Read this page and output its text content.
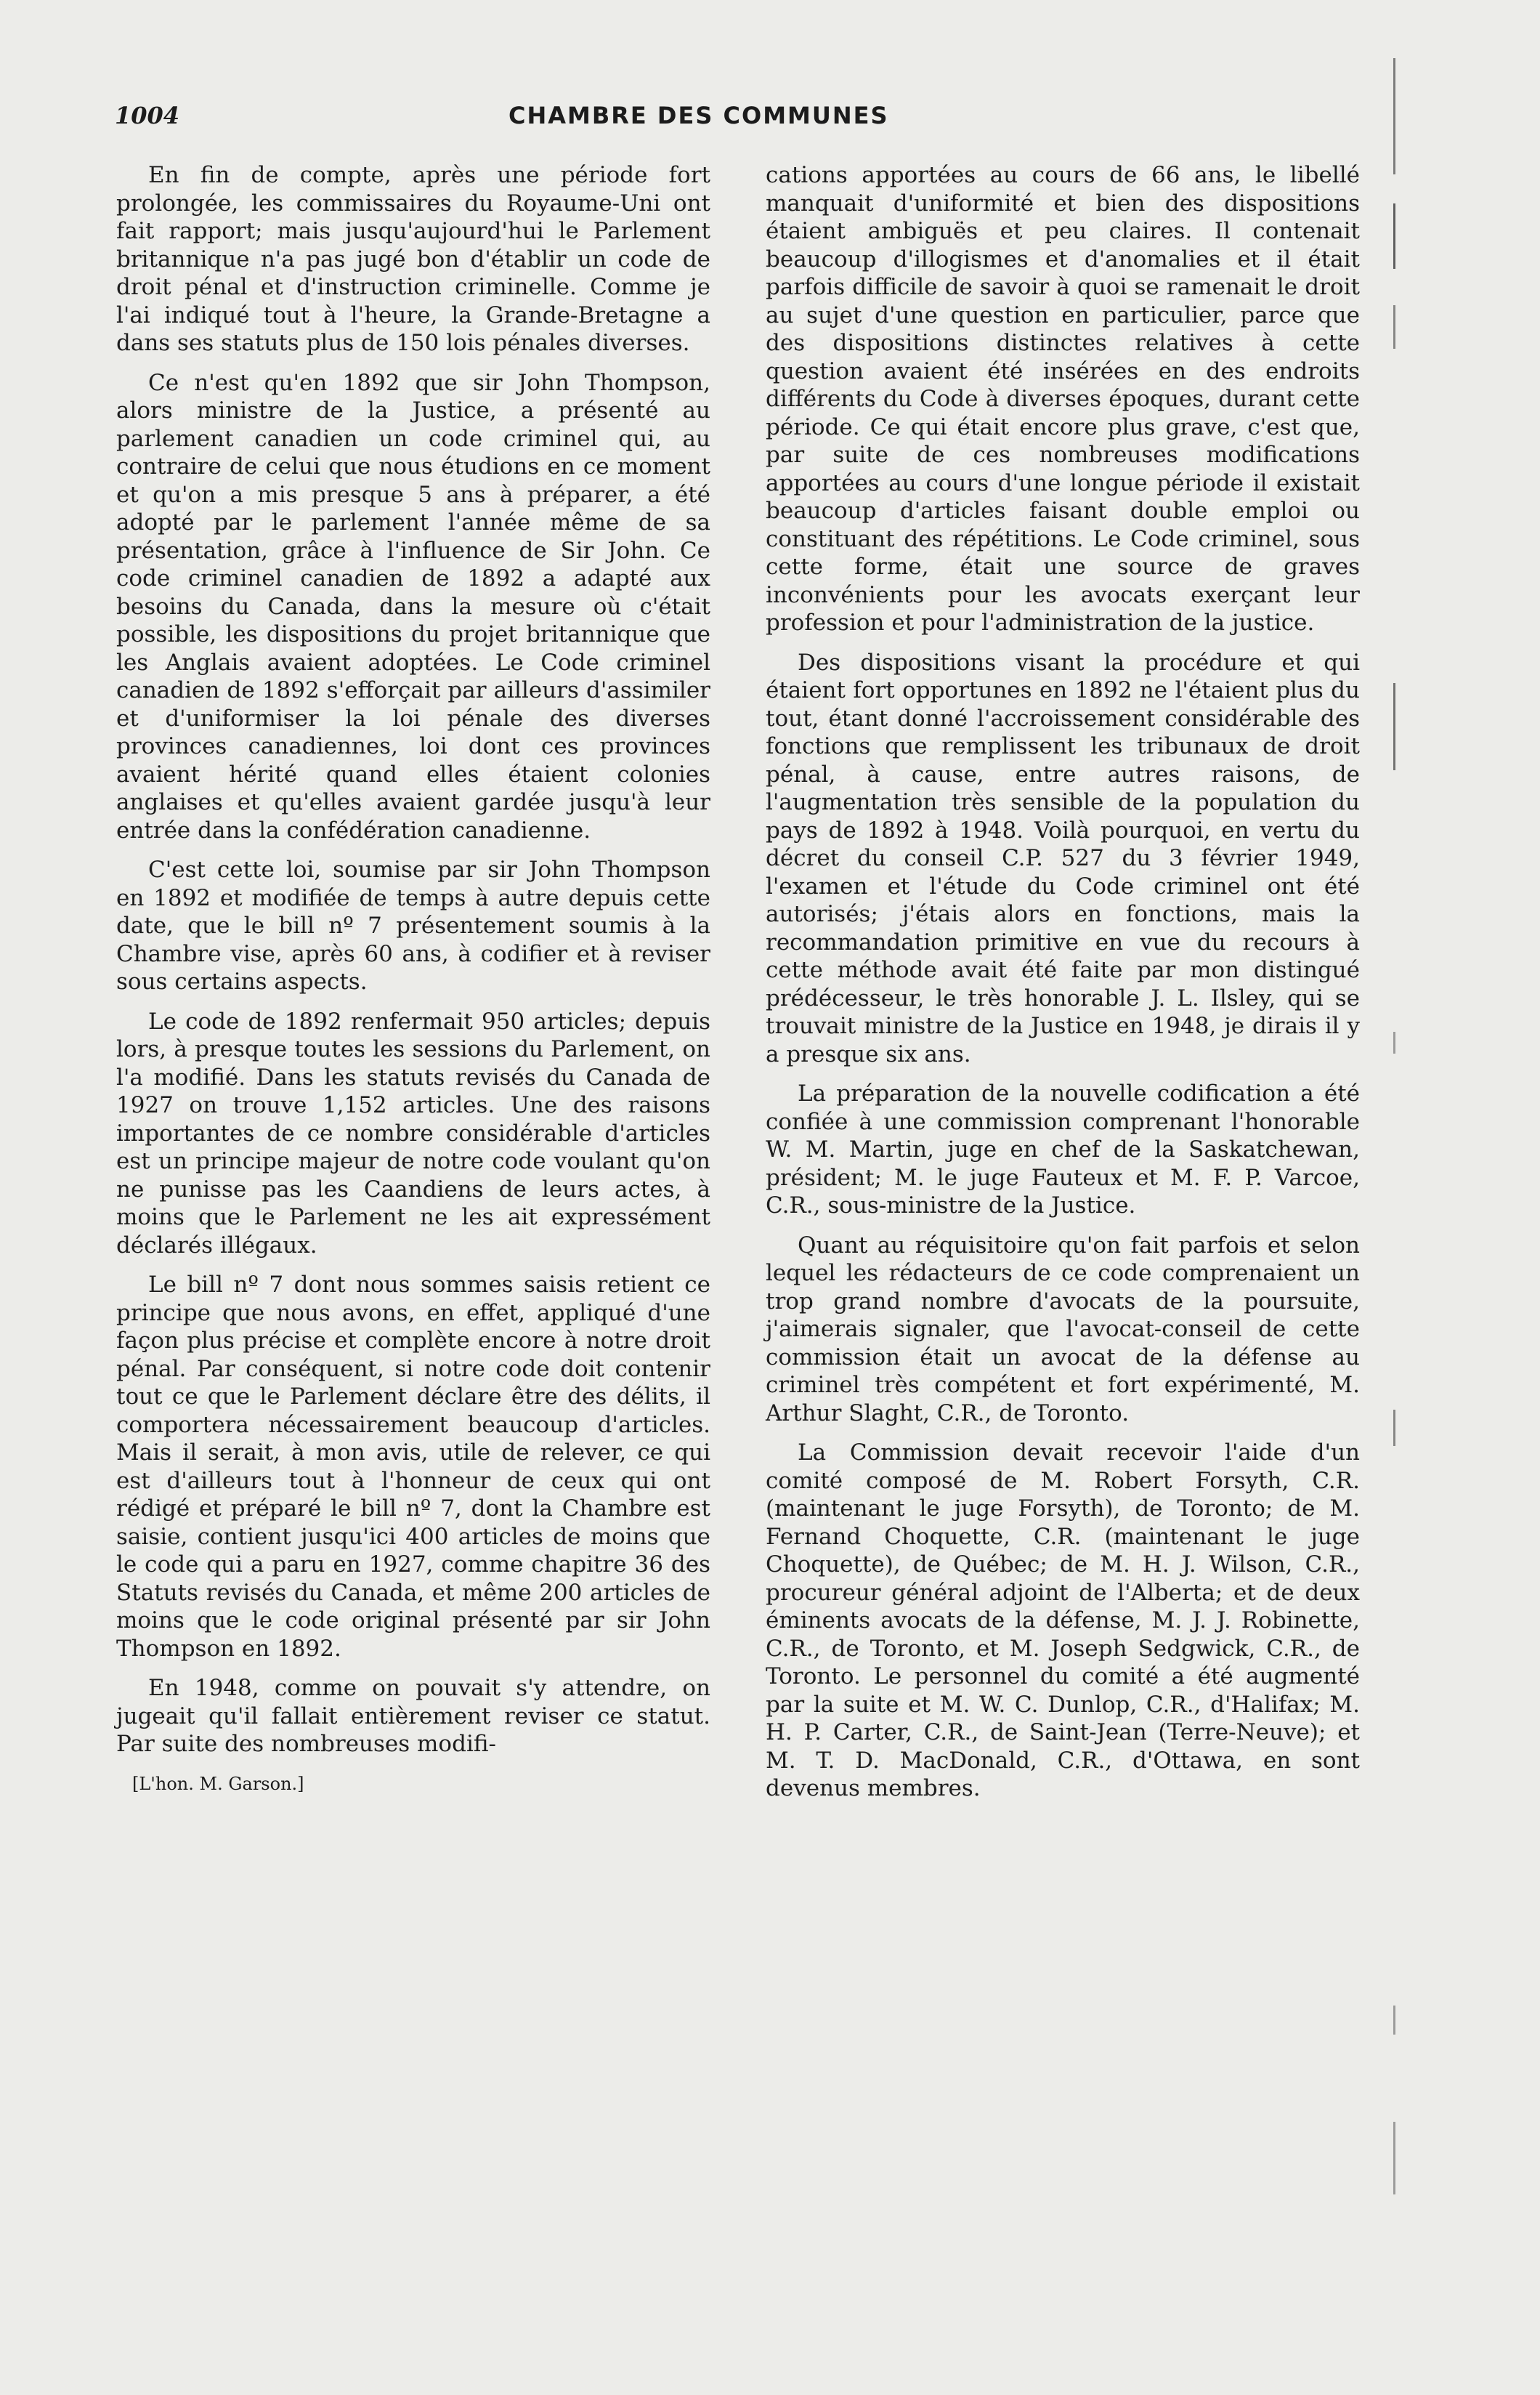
1004	CHAMBRE DES COMMUNES

En fin de compte, après une période fort prolongée, les commissaires du Royaume-Uni ont fait rapport; mais jusqu'aujourd'hui le Parlement britannique n'a pas jugé bon d'établir un code de droit pénal et d'instruction criminelle. Comme je l'ai indiqué tout à l'heure, la Grande-Bretagne a dans ses statuts plus de 150 lois pénales diverses.

Ce n'est qu'en 1892 que sir John Thompson, alors ministre de la Justice, a présenté au parlement canadien un code criminel qui, au contraire de celui que nous étudions en ce moment et qu'on a mis presque 5 ans à préparer, a été adopté par le parlement l'année même de sa présentation, grâce à l'influence de Sir John. Ce code criminel canadien de 1892 a adapté aux besoins du Canada, dans la mesure où c'était possible, les dispositions du projet britannique que les Anglais avaient adoptées. Le Code criminel canadien de 1892 s'efforçait par ailleurs d'assimiler et d'uniformiser la loi pénale des diverses provinces canadiennes, loi dont ces provinces avaient hérité quand elles étaient colonies anglaises et qu'elles avaient gardée jusqu'à leur entrée dans la confédération canadienne.

C'est cette loi, soumise par sir John Thompson en 1892 et modifiée de temps à autre depuis cette date, que le bill nº 7 présentement soumis à la Chambre vise, après 60 ans, à codifier et à reviser sous certains aspects.

Le code de 1892 renfermait 950 articles; depuis lors, à presque toutes les sessions du Parlement, on l'a modifié. Dans les statuts revisés du Canada de 1927 on trouve 1,152 articles. Une des raisons importantes de ce nombre considérable d'articles est un principe majeur de notre code voulant qu'on ne punisse pas les Caandiens de leurs actes, à moins que le Parlement ne les ait expressément déclarés illégaux.

Le bill nº 7 dont nous sommes saisis retient ce principe que nous avons, en effet, appliqué d'une façon plus précise et complète encore à notre droit pénal. Par conséquent, si notre code doit contenir tout ce que le Parlement déclare être des délits, il comportera nécessairement beaucoup d'articles. Mais il serait, à mon avis, utile de relever, ce qui est d'ailleurs tout à l'honneur de ceux qui ont rédigé et préparé le bill nº 7, dont la Chambre est saisie, contient jusqu'ici 400 articles de moins que le code qui a paru en 1927, comme chapitre 36 des Statuts revisés du Canada, et même 200 articles de moins que le code original présenté par sir John Thompson en 1892.

En 1948, comme on pouvait s'y attendre, on jugeait qu'il fallait entièrement reviser ce statut. Par suite des nombreuses modifi-

[L'hon. M. Garson.]

cations apportées au cours de 66 ans, le libellé manquait d'uniformité et bien des dispositions étaient ambiguës et peu claires. Il contenait beaucoup d'illogismes et d'anomalies et il était parfois difficile de savoir à quoi se ramenait le droit au sujet d'une question en particulier, parce que des dispositions distinctes relatives à cette question avaient été insérées en des endroits différents du Code à diverses époques, durant cette période. Ce qui était encore plus grave, c'est que, par suite de ces nombreuses modifications apportées au cours d'une longue période il existait beaucoup d'articles faisant double emploi ou constituant des répétitions. Le Code criminel, sous cette forme, était une source de graves inconvénients pour les avocats exerçant leur profession et pour l'administration de la justice.

Des dispositions visant la procédure et qui étaient fort opportunes en 1892 ne l'étaient plus du tout, étant donné l'accroissement considérable des fonctions que remplissent les tribunaux de droit pénal, à cause, entre autres raisons, de l'augmentation très sensible de la population du pays de 1892 à 1948. Voilà pourquoi, en vertu du décret du conseil C.P. 527 du 3 février 1949, l'examen et l'étude du Code criminel ont été autorisés; j'étais alors en fonctions, mais la recommandation primitive en vue du recours à cette méthode avait été faite par mon distingué prédécesseur, le très honorable J. L. Ilsley, qui se trouvait ministre de la Justice en 1948, je dirais il y a presque six ans.

La préparation de la nouvelle codification a été confiée à une commission comprenant l'honorable W. M. Martin, juge en chef de la Saskatchewan, président; M. le juge Fauteux et M. F. P. Varcoe, C.R., sous-ministre de la Justice.

Quant au réquisitoire qu'on fait parfois et selon lequel les rédacteurs de ce code comprenaient un trop grand nombre d'avocats de la poursuite, j'aimerais signaler, que l'avocat-conseil de cette commission était un avocat de la défense au criminel très compétent et fort expérimenté, M. Arthur Slaght, C.R., de Toronto.

La Commission devait recevoir l'aide d'un comité composé de M. Robert Forsyth, C.R. (maintenant le juge Forsyth), de Toronto; de M. Fernand Choquette, C.R. (maintenant le juge Choquette), de Québec; de M. H. J. Wilson, C.R., procureur général adjoint de l'Alberta; et de deux éminents avocats de la défense, M. J. J. Robinette, C.R., de Toronto, et M. Joseph Sedgwick, C.R., de Toronto. Le personnel du comité a été augmenté par la suite et M. W. C. Dunlop, C.R., d'Halifax; M. H. P. Carter, C.R., de Saint-Jean (Terre-Neuve); et M. T. D. MacDonald, C.R., d'Ottawa, en sont devenus membres.
